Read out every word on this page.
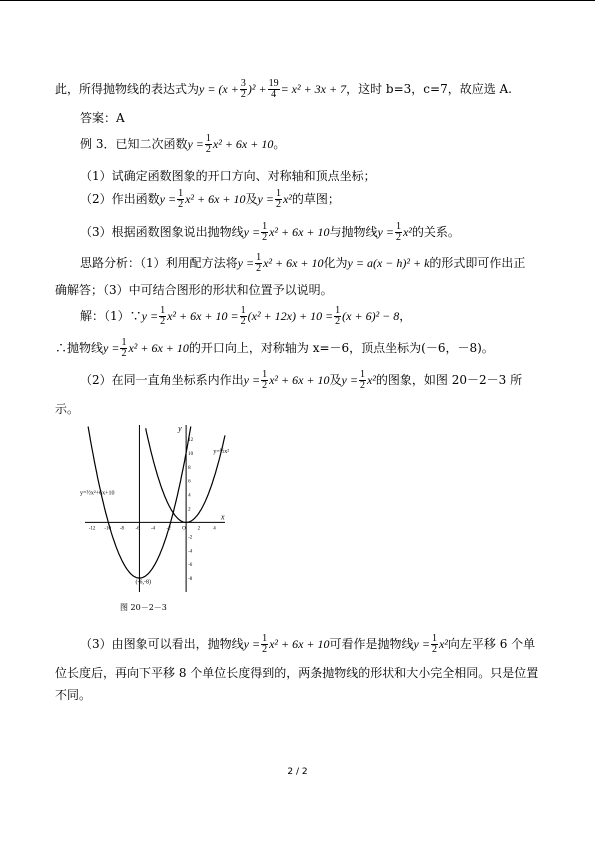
此，所得抛物线的表达式为$y = (x + \frac{3}{2} )^2 + \frac{19}{4} = x^2 + 3x + 7$，这时 b=3，c=7，故应选 A.
答案：A
例 3．已知二次函数$y = \frac{1}{2} x^2 + 6x + 10$。
（1）试确定函数图象的开口方向、对称轴和顶点坐标；
（2）作出函数$y = \frac{1}{2} x^2 + 6x + 10$及$y = \frac{1}{2} x^2$的草图；
（3）根据函数图象说出抛物线$y = \frac{1}{2} x^2 + 6x + 10$与抛物线$y = \frac{1}{2} x^2$的关系。
思路分析：（1）利用配方法将$y = \frac{1}{2} x^2 + 6x + 10$化为y = a(x − h)² + k的形式即可作出正
确解答；（3）中可结合图形的形状和位置予以说明。
解：（1）∵y = $\frac{1}{2} x^2 + 6x + 10 = \frac{1}{2} (x^2 + 12x) + 10 = \frac{1}{2} (x + 6)^2 - 8$，
∴抛物线$y = \frac{1}{2} x^2 + 6x + 10$的开口向上，对称轴为 x=－6，顶点坐标为(－6，－8)。
（2）在同一直角坐标系内作出$y = \frac{1}{2} x^2 + 6x + 10$及$y = \frac{1}{2} x^2$的图象，如图 20－2－3 所
示。
-12 -10 -8 -6 -4 -2 O 2	4
12
10
8
6
4
2
-2
-4
-6
-8
x
y
y=½x²+6x+10
y=½x²
(-6,-8)
图 20－2－3
（3）由图象可以看出，抛物线$y = \frac{1}{2} x^2 + 6x + 10$可看作是抛物线$y = \frac{1}{2} x^2$向左平移 6 个单
位长度后，再向下平移 8 个单位长度得到的，两条抛物线的形状和大小完全相同。只是位置
不同。
2 / 2
